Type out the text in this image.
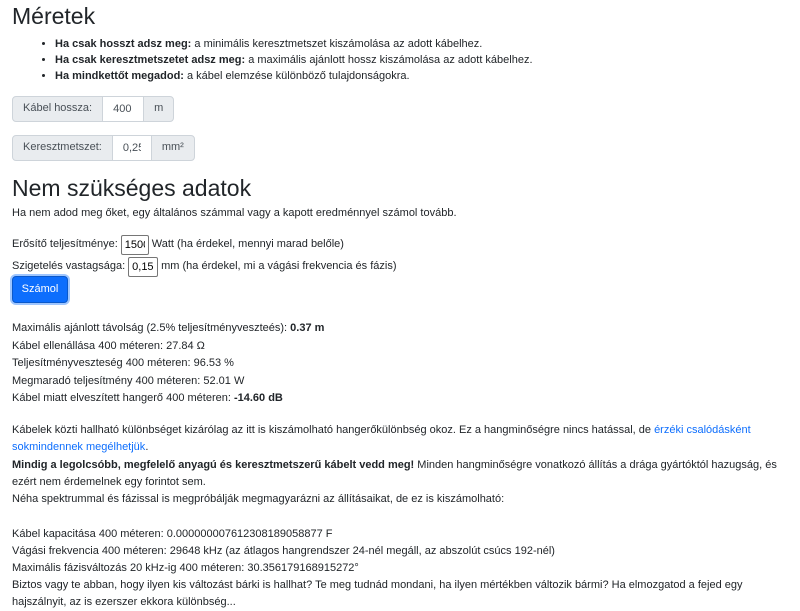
Méretek
• Ha csak hosszt adsz meg: a minimális keresztmetszet kiszámolása az adott kábelhez.
• Ha csak keresztmetszetet adsz meg: a maximális ajánlott hossz kiszámolása az adott kábelhez.
• Ha mindkettőt megadod: a kábel elemzése különböző tulajdonságokra.
Kábel hossza:
400	m
Keresztmetszet:
0,25	mm²
Nem szükséges adatok

Ha nem adod meg őket, egy általános számmal vagy a kapott eredménnyel számol tovább.

Erősítő teljesítménye:
1500	Watt (ha érdekel, mennyi marad belőle)
Szigetelés vastagsága:
0,15	mm (ha érdekel, mi a vágási frekvencia és fázis)
Számol
Maximális ajánlott távolság (2.5% teljesítményveszteés): 0.37 m
Kábel ellenállása 400 méteren: 27.84 Ω
Teljesítményveszteség 400 méteren: 96.53 %
Megmaradó teljesítmény 400 méteren: 52.01 W
Kábel miatt elveszített hangerő 400 méteren: -14.60 dB

Kábelek közti hallható különbséget kizárólag az itt is kiszámolható hangerőkülönbség okoz. Ez a hangminőségre nincs hatással, de érzéki csalódásként sokmindennek megélhetjük.

Mindig a legolcsóbb, megfelelő anyagú és keresztmetszerű kábelt vedd meg! Minden hangminőségre vonatkozó állítás a drága gyártóktól hazugság, és ezért nem érdemelnek egy forintot sem.

Néha spektrummal és fázissal is megpróbálják megmagyarázni az állításaikat, de ez is kiszámolható:

Kábel kapacitása 400 méteren: 0.00000000761230818905887​7 F
Vágási frekvencia 400 méteren: 29648 kHz (az átlagos hangrendszer 24-nél megáll, az abszolút csúcs 192-nél)
Maximális fázisváltozás 20 kHz-ig 400 méteren: 30.356179168915272°
Biztos vagy te abban, hogy ilyen kis változást bárki is hallhat? Te meg tudnád mondani, ha ilyen mértékben változik bármi? Ha elmozgatod a fejed egy hajszálnyit, az is ezerszer ekkora különbség...
